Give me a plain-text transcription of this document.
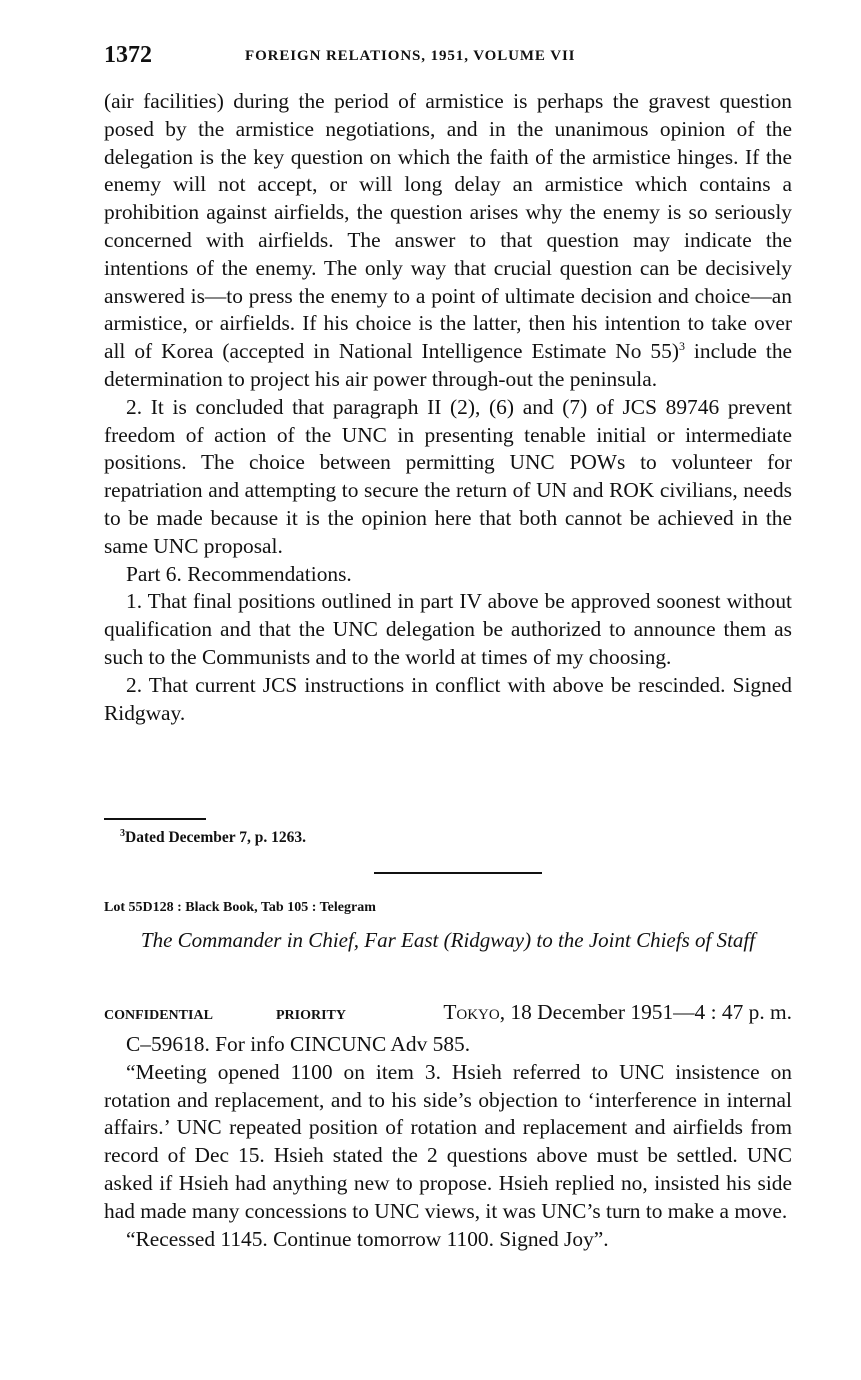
1372	FOREIGN RELATIONS, 1951, VOLUME VII

(air facilities) during the period of armistice is perhaps the gravest question posed by the armistice negotiations, and in the unanimous opinion of the delegation is the key question on which the faith of the armistice hinges. If the enemy will not accept, or will long delay an armistice which contains a prohibition against airfields, the question arises why the enemy is so seriously concerned with airfields. The answer to that question may indicate the intentions of the enemy. The only way that crucial question can be decisively answered is—to press the enemy to a point of ultimate decision and choice—an armistice, or airfields. If his choice is the latter, then his intention to take over all of Korea (accepted in National Intelligence Estimate No 55)$^3$ include the determination to project his air power through-out the peninsula.

2. It is concluded that paragraph II (2), (6) and (7) of JCS 89746 prevent freedom of action of the UNC in presenting tenable initial or intermediate positions. The choice between permitting UNC POWs to volunteer for repatriation and attempting to secure the return of UN and ROK civilians, needs to be made because it is the opinion here that both cannot be achieved in the same UNC proposal.

Part 6. Recommendations.

1. That final positions outlined in part IV above be approved soonest without qualification and that the UNC delegation be authorized to announce them as such to the Communists and to the world at times of my choosing.

2. That current JCS instructions in conflict with above be rescinded. Signed Ridgway.

$^3$Dated December 7, p. 1263.
Lot 55D128 : Black Book, Tab 105 : Telegram
The Commander in Chief, Far East (Ridgway) to the Joint Chiefs of Staff
CONFIDENTIAL	PRIORITY	Tokyo, 18 December 1951—4 : 47 p. m.

C–59618. For info CINCUNC Adv 585.

“Meeting opened 1100 on item 3. Hsieh referred to UNC insistence on rotation and replacement, and to his side’s objection to ‘interference in internal affairs.’ UNC repeated position of rotation and replacement and airfields from record of Dec 15. Hsieh stated the 2 questions above must be settled. UNC asked if Hsieh had anything new to propose. Hsieh replied no, insisted his side had made many concessions to UNC views, it was UNC’s turn to make a move.

“Recessed 1145. Continue tomorrow 1100. Signed Joy”.
